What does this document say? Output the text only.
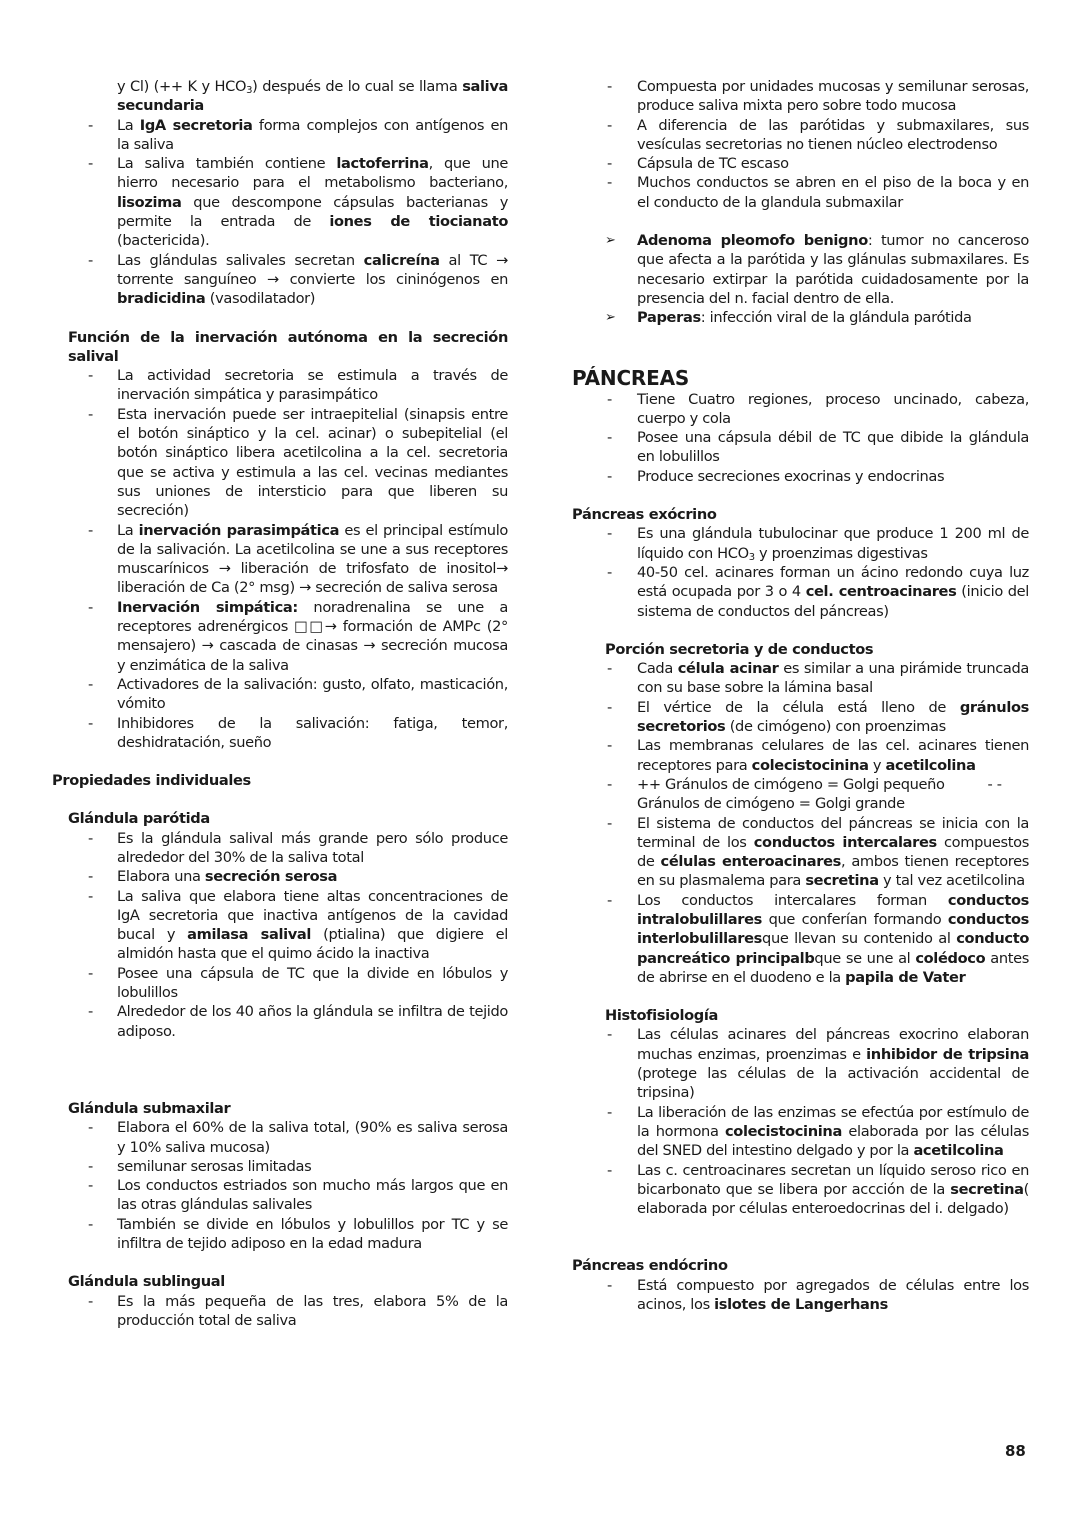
y Cl) (++ K y $HCO_3$) después de lo cual se llama saliva secundaria
-	La IgA secretoria forma complejos con antígenos en la saliva
-	La saliva también contiene lactoferrina, que une hierro necesario para el metabolismo bacteriano, lisozima que descompone cápsulas bacterianas y permite la entrada de iones de tiocianato (bactericida).
-	Las glándulas salivales secretan calicreína al TC → torrente sanguíneo → convierte los cininógenos en bradicidina (vasodilatador)
Función de la inervación autónoma en la secreción salival
-	La actividad secretoria se estimula a través de inervación simpática y parasimpático
-	Esta inervación puede ser intraepitelial (sinapsis entre el botón sináptico y la cel. acinar) o subepitelial (el botón sináptico libera acetilcolina a la cel. secretoria que se activa y estimula a las cel. vecinas mediantes sus uniones de intersticio para que liberen su secreción)
-	La inervación parasimpática es el principal estímulo de la salivación. La acetilcolina se une a sus receptores muscarínicos → liberación de trifosfato de inositol→ liberación de Ca (2° msg) → secreción de saliva serosa
-	Inervación simpática: noradrenalina se une a receptores adrenérgicos □□→ formación de AMPc (2° mensajero) → cascada de cinasas → secreción mucosa y enzimática de la saliva
-	Activadores de la salivación: gusto, olfato, masticación, vómito
-	Inhibidores de la salivación: fatiga, temor, deshidratación, sueño
Propiedades individuales
Glándula parótida
-	Es la glándula salival más grande pero sólo produce alrededor del 30% de la saliva total
-	Elabora una secreción serosa
-	La saliva que elabora tiene altas concentraciones de IgA secretoria que inactiva antígenos de la cavidad bucal y amilasa salival (ptialina) que digiere el almidón hasta que el quimo ácido la inactiva
-	Posee una cápsula de TC que la divide en lóbulos y lobulillos
-	Alrededor de los 40 años la glándula se infiltra de tejido adiposo.
Glándula submaxilar
-	Elabora el 60% de la saliva total, (90% es saliva serosa y 10% saliva mucosa)
-	semilunar serosas limitadas
-	Los conductos estriados son mucho más largos que en las otras glándulas salivales
-	También se divide en lóbulos y lobulillos por TC y se infiltra de tejido adiposo en la edad madura
Glándula sublingual
-	Es la más pequeña de las tres, elabora 5% de la producción total de saliva
-	Compuesta por unidades mucosas y semilunar serosas, produce saliva mixta pero sobre todo mucosa
-	A diferencia de las parótidas y submaxilares, sus vesículas secretorias no tienen núcleo electrodenso
-	Cápsula de TC escaso
-	Muchos conductos se abren en el piso de la boca y en el conducto de la glandula submaxilar
➢ Adenoma pleomofo benigno: tumor no canceroso que afecta a la parótida y las glánulas submaxilares. Es necesario extirpar la parótida cuidadosamente por la presencia del n. facial dentro de ella.
➢ Paperas: infección viral de la glándula parótida
PÁNCREAS
-	Tiene Cuatro regiones, proceso uncinado, cabeza, cuerpo y cola
-	Posee una cápsula débil de TC que dibide la glándula en lobulillos
-	Produce secreciones exocrinas y endocrinas
Páncreas exócrino
-	Es una glándula tubulocinar que produce 1 200 ml de líquido con $HCO_3$ y proenzimas digestivas
-	40-50 cel. acinares forman un ácino redondo cuya luz está ocupada por 3 o 4 cel. centroacinares (inicio del sistema de conductos del páncreas)
Porción secretoria y de conductos
-	Cada célula acinar es similar a una pirámide truncada con su base sobre la lámina basal
-	El vértice de la célula está lleno de gránulos secretorios (de cimógeno) con proenzimas
-	Las membranas celulares de las cel. acinares tienen receptores para colecistocinina y acetilcolina
-	++ Gránulos de cimógeno = Golgi pequeño          - - Gránulos de cimógeno = Golgi grande
-	El sistema de conductos del páncreas se inicia con la terminal de los conductos intercalares compuestos de células enteroacinares, ambos tienen receptores en su plasmalema para secretina y tal vez acetilcolina
-	Los conductos intercalares forman conductos intralobulillares que conferían formando conductos interlobulillaresque llevan su contenido al conducto pancreático principalbque se une al colédoco antes de abrirse en el duodeno e la papila de Vater
Histofisiología
-	Las células acinares del páncreas exocrino elaboran muchas enzimas, proenzimas e inhibidor de tripsina (protege las células de la activación accidental de tripsina)
-	La liberación de las enzimas se efectúa por estímulo de la hormona colecistocinina elaborada por las células del SNED del intestino delgado y por la acetilcolina
-	Las c. centroacinares secretan un líquido seroso rico en bicarbonato que se libera por accción de la secretina( elaborada por células enteroedocrinas del i. delgado)
Páncreas endócrino
-	Está compuesto por agregados de células entre los acinos, los islotes de Langerhans
88
